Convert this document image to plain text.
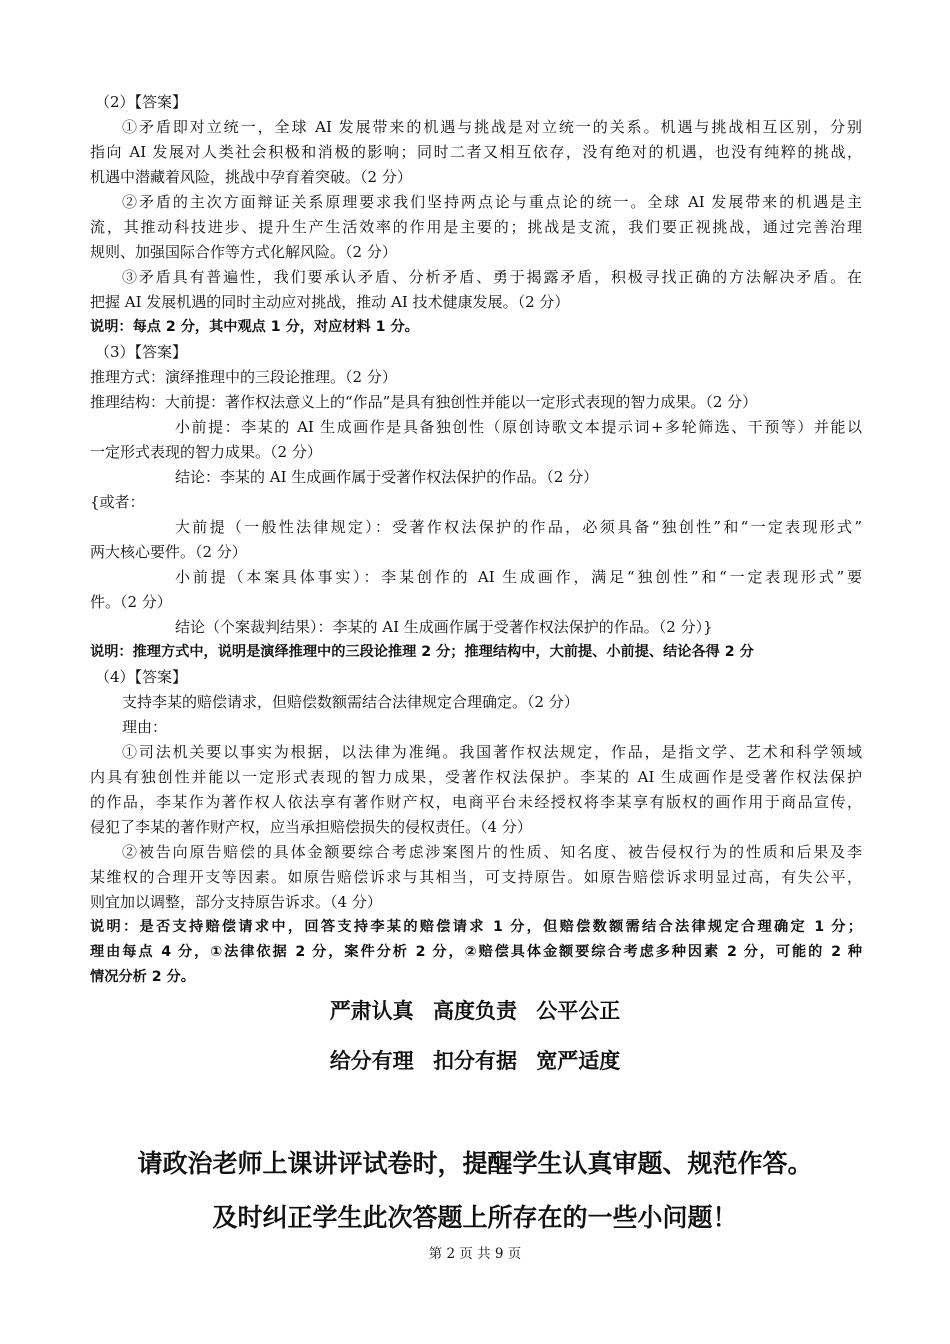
（2）【答案】
①矛盾即对立统一，全球 AI 发展带来的机遇与挑战是对立统一的关系。机遇与挑战相互区别，分别
指向 AI 发展对人类社会积极和消极的影响；同时二者又相互依存，没有绝对的机遇，也没有纯粹的挑战，
机遇中潜藏着风险，挑战中孕育着突破。（2 分）
②矛盾的主次方面辩证关系原理要求我们坚持两点论与重点论的统一。全球 AI 发展带来的机遇是主
流，其推动科技进步、提升生产生活效率的作用是主要的；挑战是支流，我们要正视挑战，通过完善治理
规则、加强国际合作等方式化解风险。（2 分）
③矛盾具有普遍性，我们要承认矛盾、分析矛盾、勇于揭露矛盾，积极寻找正确的方法解决矛盾。在
把握 AI 发展机遇的同时主动应对挑战，推动 AI 技术健康发展。（2 分）
说明：每点 2 分，其中观点 1 分，对应材料 1 分。
（3）【答案】
推理方式：演绎推理中的三段论推理。（2 分）
推理结构：大前提：著作权法意义上的“作品”是具有独创性并能以一定形式表现的智力成果。（2 分）
小前提：李某的 AI 生成画作是具备独创性（原创诗歌文本提示词+多轮筛选、干预等）并能以
一定形式表现的智力成果。（2 分）
结论：李某的 AI 生成画作属于受著作权法保护的作品。（2 分）
{或者：
大前提（一般性法律规定）：受著作权法保护的作品，必须具备“独创性”和“一定表现形式”
两大核心要件。（2 分）
小前提（本案具体事实）：李某创作的 AI 生成画作，满足“独创性”和“一定表现形式”要
件。（2 分）
结论（个案裁判结果）：李某的 AI 生成画作属于受著作权法保护的作品。（2 分）}
说明：推理方式中，说明是演绎推理中的三段论推理 2 分；推理结构中，大前提、小前提、结论各得 2 分
（4）【答案】
支持李某的赔偿请求，但赔偿数额需结合法律规定合理确定。（2 分）
理由：
①司法机关要以事实为根据，以法律为准绳。我国著作权法规定，作品，是指文学、艺术和科学领域
内具有独创性并能以一定形式表现的智力成果，受著作权法保护。李某的 AI 生成画作是受著作权法保护
的作品，李某作为著作权人依法享有著作财产权，电商平台未经授权将李某享有版权的画作用于商品宣传，
侵犯了李某的著作财产权，应当承担赔偿损失的侵权责任。（4 分）
②被告向原告赔偿的具体金额要综合考虑涉案图片的性质、知名度、被告侵权行为的性质和后果及李
某维权的合理开支等因素。如原告赔偿诉求与其相当，可支持原告。如原告赔偿诉求明显过高，有失公平，
则宜加以调整，部分支持原告诉求。（4 分）
说明：是否支持赔偿请求中，回答支持李某的赔偿请求 1 分，但赔偿数额需结合法律规定合理确定 1 分；
理由每点 4 分，①法律依据 2 分，案件分析 2 分，②赔偿具体金额要综合考虑多种因素 2 分，可能的 2 种
情况分析 2 分。
严肃认真 高度负责 公平公正
给分有理 扣分有据 宽严适度
请政治老师上课讲评试卷时，提醒学生认真审题、规范作答。
及时纠正学生此次答题上所存在的一些小问题！
第 2 页 共 9 页
